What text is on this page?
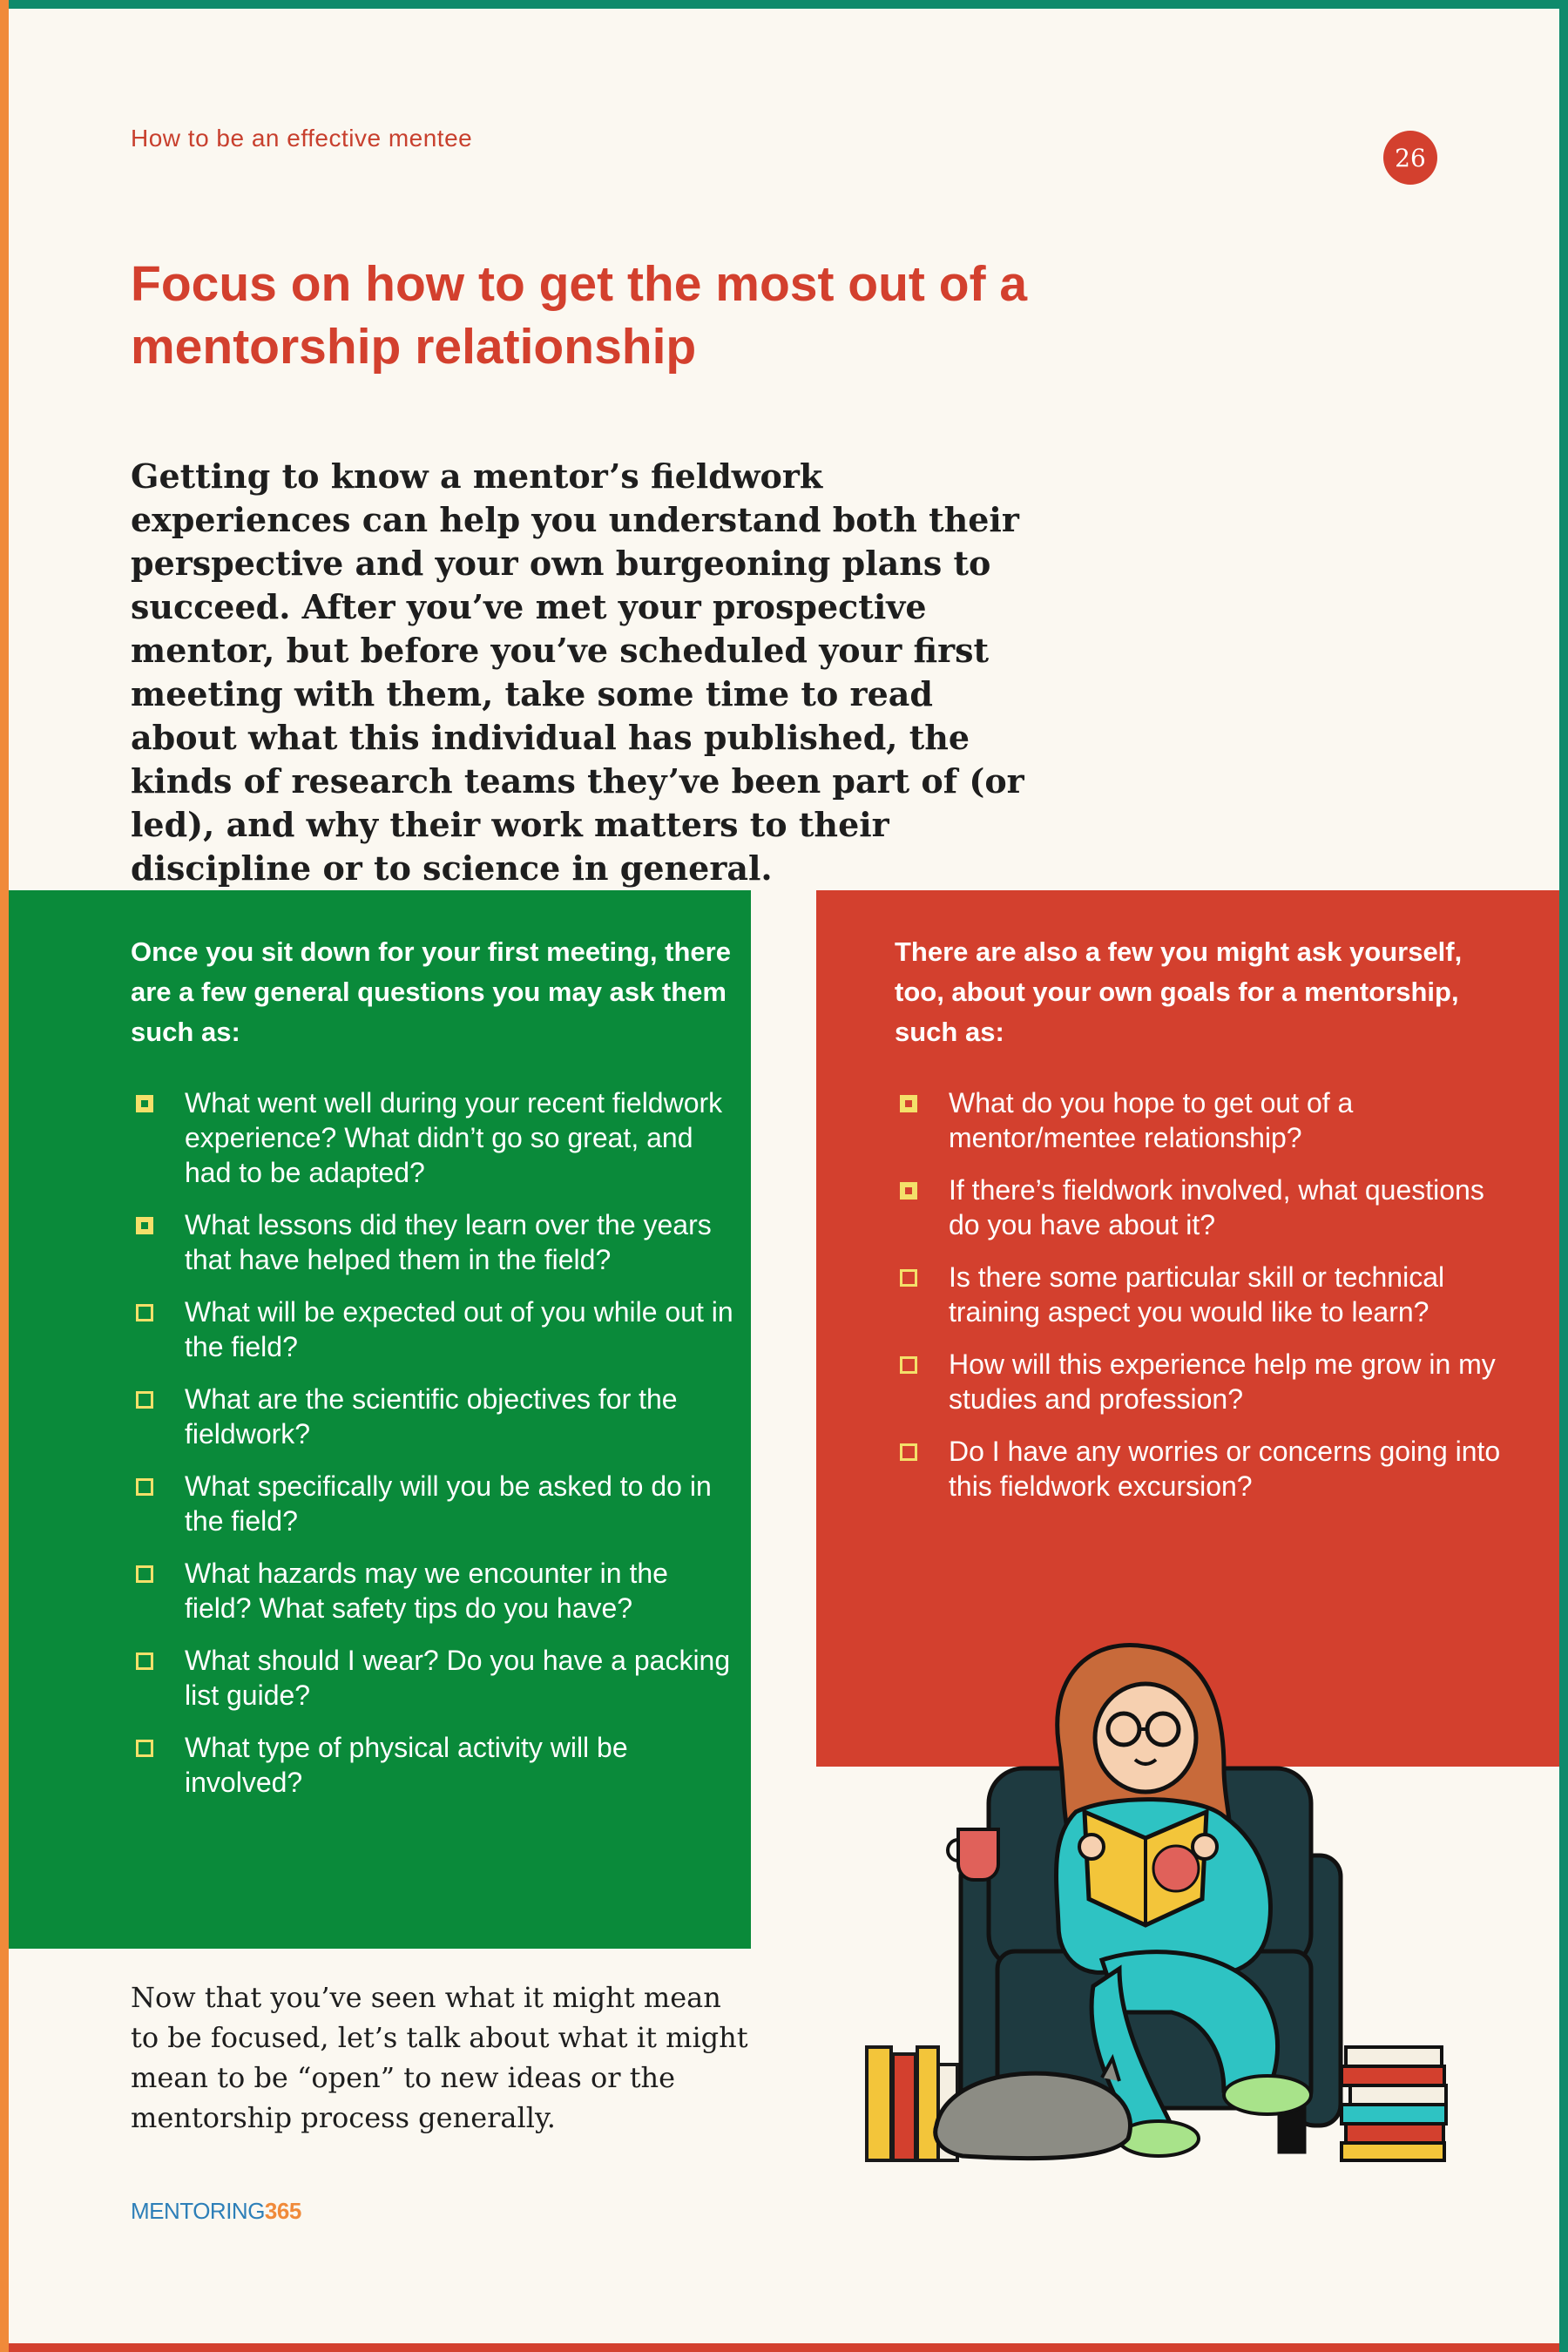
How to be an effective mentee
26
Focus on how to get the most out of a mentorship relationship

Getting to know a mentor’s fieldwork experiences can help you understand both their perspective and your own burgeoning plans to succeed. After you’ve met your prospective mentor, but before you’ve scheduled your first meeting with them, take some time to read about what this individual has published, the kinds of research teams they’ve been part of (or led), and why their work matters to their discipline or to science in general.

Once you sit down for your first meeting, there are a few general questions you may ask them such as:

What went well during your recent fieldwork experience? What didn’t go so great, and had to be adapted?
What lessons did they learn over the years that have helped them in the field?
What will be expected out of you while out in the field?
What are the scientific objectives for the fieldwork?
What specifically will you be asked to do in the field?
What hazards may we encounter in the field? What safety tips do you have?
What should I wear? Do you have a packing list guide?
What type of physical activity will be involved?

There are also a few you might ask yourself, too, about your own goals for a mentorship, such as:

What do you hope to get out of a mentor/mentee relationship?
If there’s fieldwork involved, what questions do you have about it?
Is there some particular skill or technical training aspect you would like to learn?
How will this experience help me grow in my studies and profession?
Do I have any worries or concerns going into this fieldwork excursion?

Now that you’ve seen what it might mean to be focused, let’s talk about what it might mean to be “open” to new ideas or the mentorship process generally.

MENTORING365
